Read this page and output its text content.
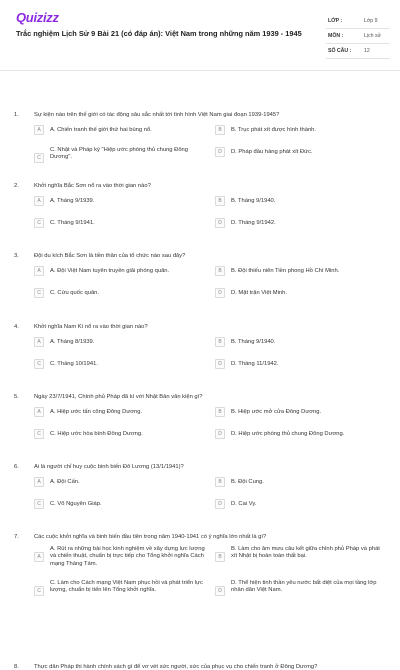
Quizizz
Trắc nghiệm Lịch Sử 9 Bài 21 (có đáp án): Việt Nam trong những năm 1939 - 1945
LỚP :	Lớp 9
MÔN :	Lịch sử
SỐ CÂU : 12
1.	Sự kiện nào trên thế giới có tác động sâu sắc nhất tới tình hình Việt Nam giai đoạn 1939-1945?
A	A. Chiến tranh thế giới thứ hai bùng nổ.	B	B. Trục phát xít được hình thành.
C
C. Nhật và Pháp ký "Hiệp ước phòng thủ chung Đông Dương".
D	D. Pháp đầu hàng phát xít Đức.
2.	Khởi nghĩa Bắc Sơn nổ ra vào thời gian nào?
A	A. Tháng 9/1939.	B	B. Tháng 9/1940.
C	C. Tháng 9/1941.	D	D. Tháng 9/1942.
3.	Đội du kích Bắc Sơn là tiền thân của tổ chức nào sau đây?
A	A. Đội Việt Nam tuyên truyền giải phóng quân.	B	B. Đội thiếu niên Tiền phong Hồ Chí Minh.
C	C. Cứu quốc quân.	D	D. Mặt trận Việt Minh.
4.	Khởi nghĩa Nam Kì nổ ra vào thời gian nào?
A	A. Tháng 8/1939.	B	B. Tháng 9/1940.
C	C. Tháng 10/1941.	D	D. Tháng 11/1942.
5.	Ngày 23/7/1941, Chính phủ Pháp đã kí với Nhật Bản văn kiện gì?
A	A. Hiệp ước tấn công Đông Dương.	B	B. Hiệp ước mở cửa Đông Dương.
C	C. Hiệp ước hòa bình Đông Dương.	D	D. Hiệp ước phòng thủ chung Đông Dương.
6.	Ai là người chỉ huy cuộc binh biến Đô Lương (13/1/1941)?
A	A. Đội Cấn.	B	B. Đội Cung.
C	C. Võ Nguyên Giáp.	D	D. Cai Vy.
7.	Các cuộc khởi nghĩa và binh biến đầu tiên trong năm 1940-1941 có ý nghĩa lớn nhất là gì?
A
A. Rút ra những bài học kinh nghiệm về xây dựng lực lượng và chiến thuật, chuẩn bị trực tiếp cho Tổng khởi nghĩa Cách mạng Tháng Tám.
B
B. Làm cho âm mưu câu kết giữa chính phủ Pháp và phát xít Nhật bị hoàn toàn thất bại.
C
C. Làm cho Cách mạng Việt Nam phục hồi và phát triển lực lượng, chuẩn bị tiến lên Tổng khởi nghĩa.	D
D. Thể hiện tinh thần yêu nước bất diệt của mọi tầng lớp nhân dân Việt Nam.
8.	Thực dân Pháp thi hành chính sách gì để vơ vét sức người, sức của phục vụ cho chiến tranh ở Đông Dương?
